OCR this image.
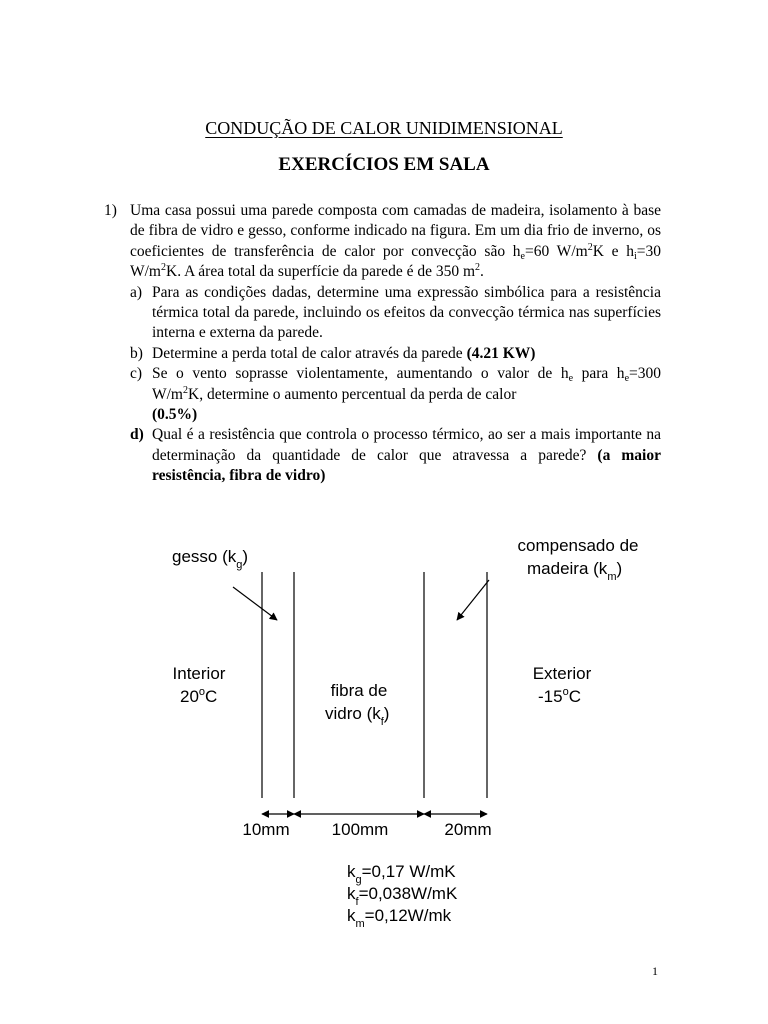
CONDUÇÃO DE CALOR UNIDIMENSIONAL
EXERCÍCIOS EM SALA
1) Uma casa possui uma parede composta com camadas de madeira, isolamento à base de fibra de vidro e gesso, conforme indicado na figura. Em um dia frio de inverno, os coeficientes de transferência de calor por convecção são $h_e=60$ $W/m^2K$ e $h_i=30$ $W/m^2K$. A área total da superfície da parede é de 350 $m^2$.
a) Para as condições dadas, determine uma expressão simbólica para a resistência térmica total da parede, incluindo os efeitos da convecção térmica nas superfícies interna e externa da parede.
b) Determine a perda total de calor através da parede (4.21 KW)
c) Se o vento soprasse violentamente, aumentando o valor de $h_e$ para $h_e=300$ $W/m^2K$, determine o aumento percentual da perda de calor
(0.5%)
d) Qual é a resistência que controla o processo térmico, ao ser a mais importante na determinação da quantidade de calor que atravessa a parede? (a maior resistência, fibra de vidro)
gesso $(k_g)$
compensado de
madeira $(k_m)$
Interior
20$^o$C
Exterior
-15$^o$C
fibra de
vidro $(k_f)$
10mm 100mm	20mm
$k_g=0,17$ W/mK
$k_f=0,038W/mK$
$k_m=0,12W/mk$
1
